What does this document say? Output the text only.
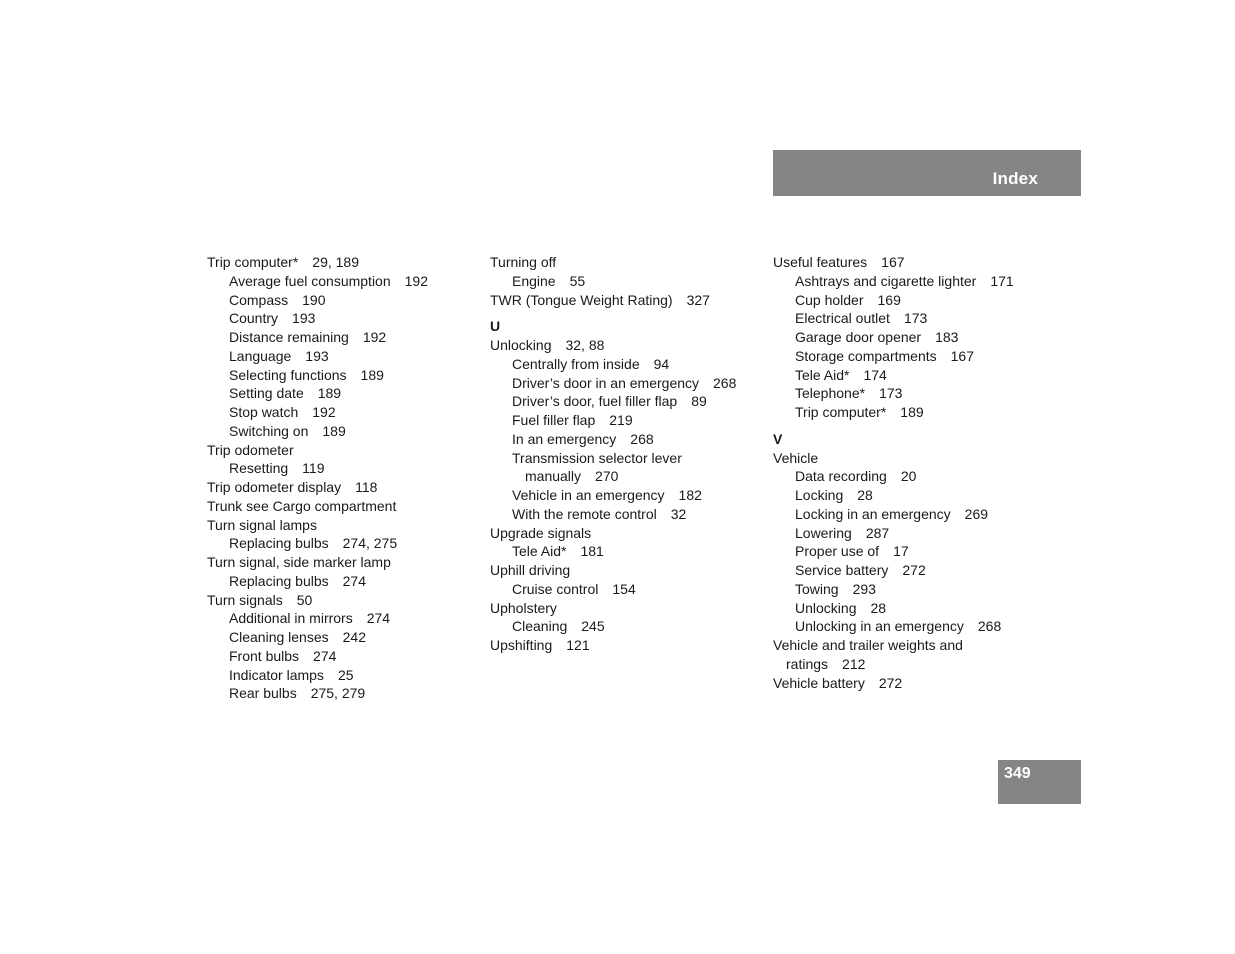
Index
Trip computer* 29, 189
Average fuel consumption 192
Compass 190
Country 193
Distance remaining 192
Language 193
Selecting functions 189
Setting date 189
Stop watch 192
Switching on 189
Trip odometer
Resetting 119
Trip odometer display 118
Trunk see Cargo compartment
Turn signal lamps
Replacing bulbs 274, 275
Turn signal, side marker lamp
Replacing bulbs 274
Turn signals 50
Additional in mirrors 274
Cleaning lenses 242
Front bulbs 274
Indicator lamps 25
Rear bulbs 275, 279
Turning off
Engine 55
TWR (Tongue Weight Rating) 327
U
Unlocking 32, 88
Centrally from inside 94
Driver’s door in an emergency 268
Driver’s door, fuel filler flap 89
Fuel filler flap 219
In an emergency 268
Transmission selector lever
manually 270
Vehicle in an emergency 182
With the remote control 32
Upgrade signals
Tele Aid* 181
Uphill driving
Cruise control 154
Upholstery
Cleaning 245
Upshifting 121
Useful features 167
Ashtrays and cigarette lighter 171
Cup holder 169
Electrical outlet 173
Garage door opener 183
Storage compartments 167
Tele Aid* 174
Telephone* 173
Trip computer* 189
V
Vehicle
Data recording 20
Locking 28
Locking in an emergency 269
Lowering 287
Proper use of 17
Service battery 272
Towing 293
Unlocking 28
Unlocking in an emergency 268
Vehicle and trailer weights and
ratings 212
Vehicle battery 272
349
